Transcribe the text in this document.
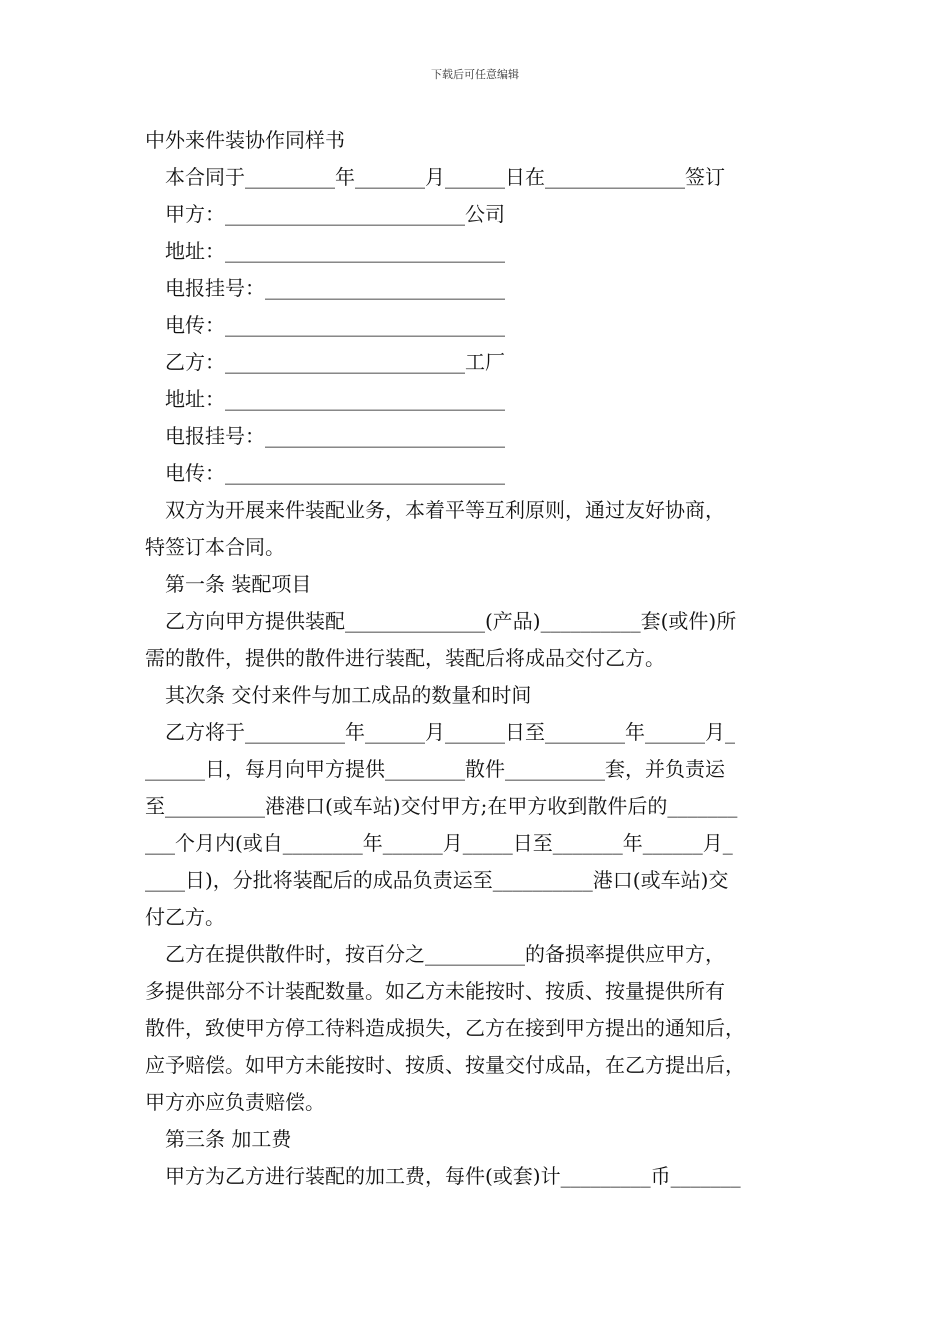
下载后可任意编辑
中外来件装协作同样书
本合同于_________年_______月______日在______________签订
甲方：________________________公司
地址：____________________________
电报挂号：________________________
电传：____________________________
乙方：________________________工厂
地址：____________________________
电报挂号：________________________
电传：____________________________
双方为开展来件装配业务，本着平等互利原则，通过友好协商，
特签订本合同。
第一条 装配项目
乙方向甲方提供装配______________(产品)__________套(或件)所
需的散件，提供的散件进行装配，装配后将成品交付乙方。
其次条 交付来件与加工成品的数量和时间
乙方将于__________年______月______日至________年______月_
______日，每月向甲方提供________散件__________套，并负责运
至__________港港口(或车站)交付甲方;在甲方收到散件后的_______
___个月内(或自________年______月_____日至_______年______月_
____日)，分批将装配后的成品负责运至__________港口(或车站)交
付乙方。
乙方在提供散件时，按百分之__________的备损率提供应甲方，
多提供部分不计装配数量。如乙方未能按时、按质、按量提供所有
散件，致使甲方停工待料造成损失，乙方在接到甲方提出的通知后，
应予赔偿。如甲方未能按时、按质、按量交付成品，在乙方提出后，
甲方亦应负责赔偿。
第三条 加工费
甲方为乙方进行装配的加工费，每件(或套)计_________币_______
